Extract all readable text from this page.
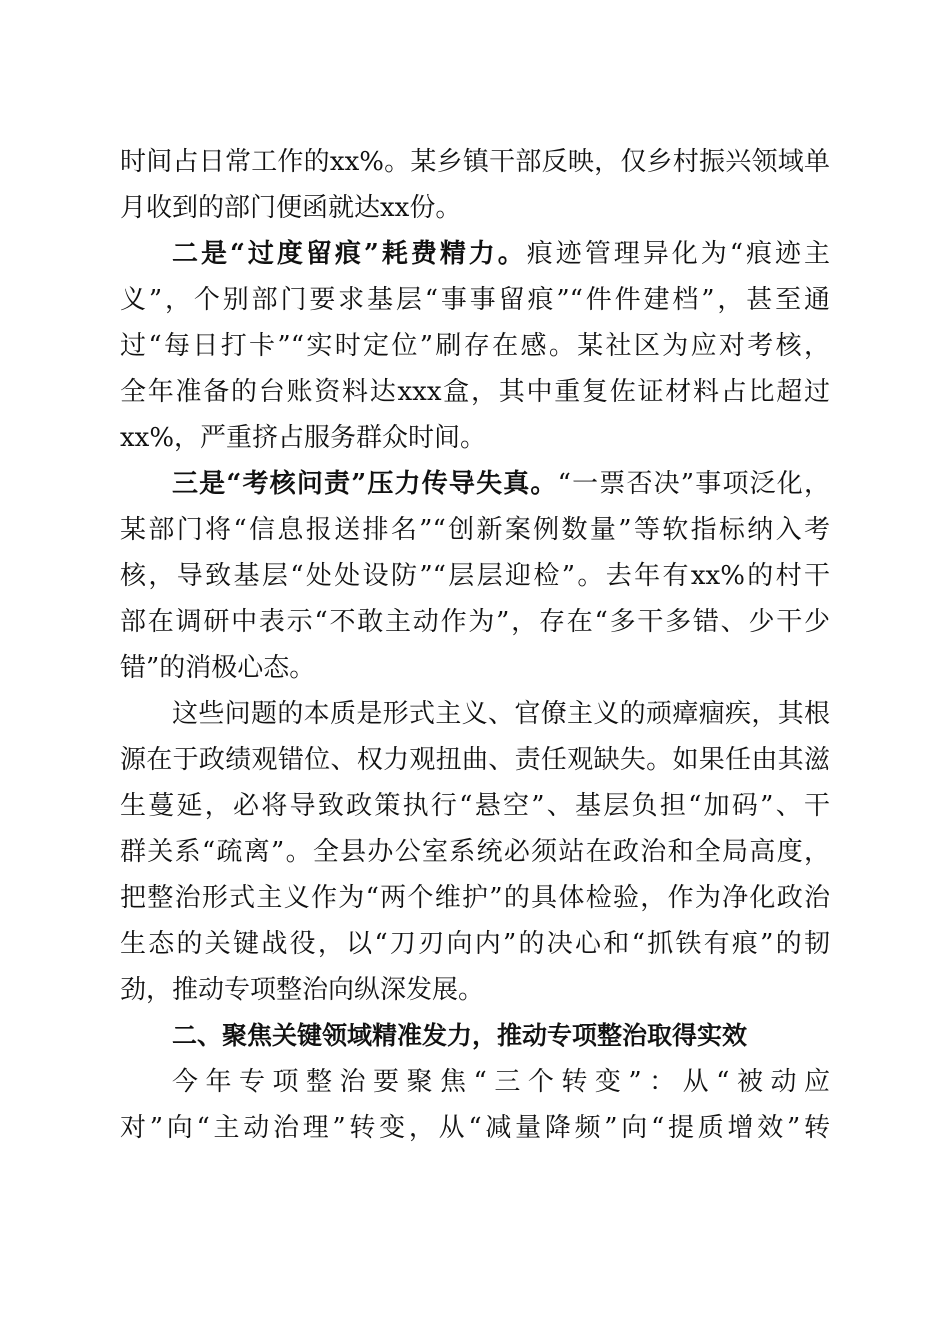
时间占日常工作的xx%。某乡镇干部反映，仅乡村振兴领域单
月收到的部门便函就达xx份。
二是“过度留痕”耗费精力。痕迹管理异化为“痕迹主
义”，个别部门要求基层“事事留痕”“件件建档”，甚至通
过“每日打卡”“实时定位”刷存在感。某社区为应对考核，
全年准备的台账资料达xxx盒，其中重复佐证材料占比超过
xx%，严重挤占服务群众时间。
三是“考核问责”压力传导失真。“一票否决”事项泛化，
某部门将“信息报送排名”“创新案例数量”等软指标纳入考
核，导致基层“处处设防”“层层迎检”。去年有xx%的村干
部在调研中表示“不敢主动作为”，存在“多干多错、少干少
错”的消极心态。
这些问题的本质是形式主义、官僚主义的顽瘴痼疾，其根
源在于政绩观错位、权力观扭曲、责任观缺失。如果任由其滋
生蔓延，必将导致政策执行“悬空”、基层负担“加码”、干
群关系“疏离”。全县办公室系统必须站在政治和全局高度，
把整治形式主义作为“两个维护”的具体检验，作为净化政治
生态的关键战役，以“刀刃向内”的决心和“抓铁有痕”的韧
劲，推动专项整治向纵深发展。
二、聚焦关键领域精准发力，推动专项整治取得实效
今年专项整治要聚焦“三个转变”：从“被动应
对”向“主动治理”转变，从“减量降频”向“提质增效”转
